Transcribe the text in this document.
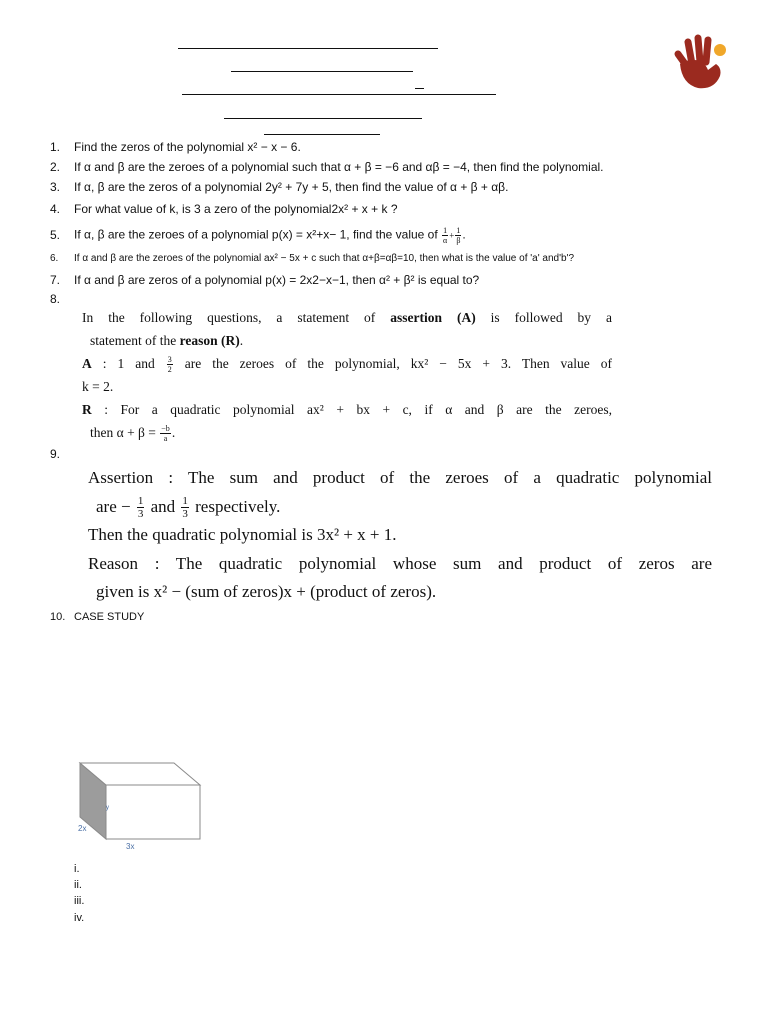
1. Find the zeros of the polynomial x² − x − 6.
2. If α and β are the zeroes of a polynomial such that α + β = −6 and αβ = −4, then find the polynomial.
3. If α, β are the zeros of a polynomial 2y² + 7y + 5, then find the value of α + β + αβ.
4. For what value of k, is 3 a zero of the polynomial2x² + x + k ?
5. If α, β are the zeroes of a polynomial p(x) = x²+x− 1, find the value of $\frac{1}{\alpha} + \frac{1}{\beta}$ .
6. If α and β are the zeroes of the polynomial ax² − 5x + c such that α+β=αβ=10, then what is the value of 'a' and'b'?
7. If α and β are zeros of a polynomial p(x) = 2x2−x−1, then α² + β² is equal to?
8.

In the following questions, a statement of assertion (A) is followed by a

statement of the reason (R).

A : 1 and $\frac{3}{2}$ are the zeroes of the polynomial, kx² − 5x + 3. Then value of

k = 2.

R : For a quadratic polynomial ax² + bx + c, if α and β are the zeroes,

then $\alpha + \beta = \frac{-b}{a}$ .

9.

Assertion : The sum and product of the zeroes of a quadratic polynomial

are − $\frac{1}{3}$ and $\frac{1}{3}$ respectively.

Then the quadratic polynomial is 3x² + x + 1.

Reason : The quadratic polynomial whose sum and product of zeros are

given is x² − (sum of zeros)x + (product of zeros).

10. CASE STUDY
y
2x
3x
i.
ii.
iii.
iv.
